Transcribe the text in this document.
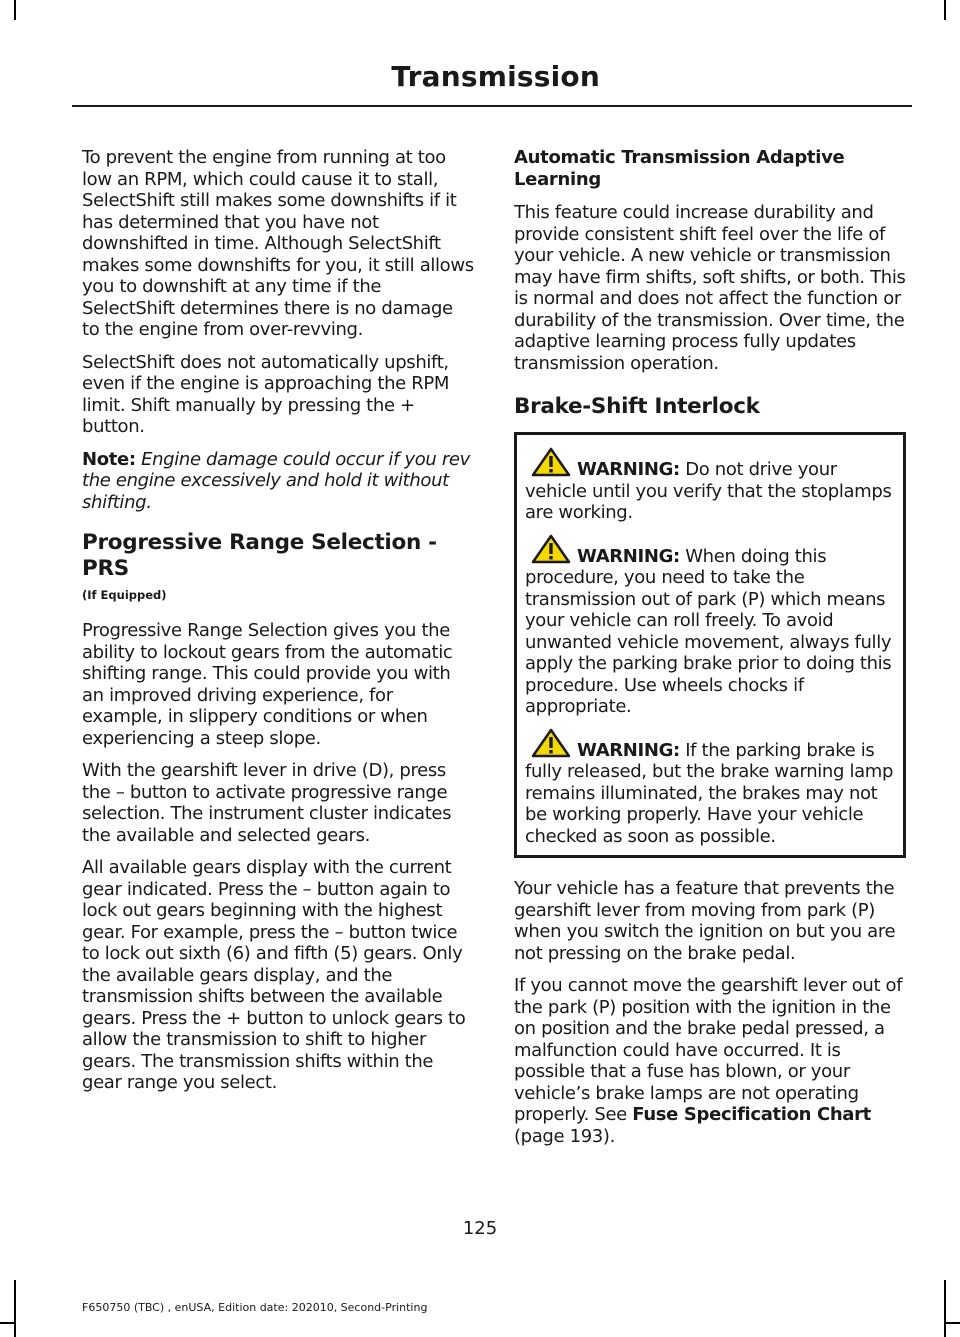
Transmission

To prevent the engine from running at too low an RPM, which could cause it to stall, SelectShift still makes some downshifts if it has determined that you have not downshifted in time. Although SelectShift makes some downshifts for you, it still allows you to downshift at any time if the SelectShift determines there is no damage to the engine from over-revving.

SelectShift does not automatically upshift, even if the engine is approaching the RPM limit. Shift manually by pressing the + button.

Note: Engine damage could occur if you rev the engine excessively and hold it without shifting.

Progressive Range Selection - PRS
(If Equipped)

Progressive Range Selection gives you the ability to lockout gears from the automatic shifting range. This could provide you with an improved driving experience, for example, in slippery conditions or when experiencing a steep slope.

With the gearshift lever in drive (D), press the – button to activate progressive range selection. The instrument cluster indicates the available and selected gears.

All available gears display with the current gear indicated. Press the – button again to lock out gears beginning with the highest gear. For example, press the – button twice to lock out sixth (6) and fifth (5) gears. Only the available gears display, and the transmission shifts between the available gears. Press the + button to unlock gears to allow the transmission to shift to higher gears. The transmission shifts within the gear range you select.

Automatic Transmission Adaptive Learning

This feature could increase durability and provide consistent shift feel over the life of your vehicle. A new vehicle or transmission may have firm shifts, soft shifts, or both. This is normal and does not affect the function or durability of the transmission. Over time, the adaptive learning process fully updates transmission operation.

Brake-Shift Interlock

WARNING: Do not drive your vehicle until you verify that the stoplamps are working.

WARNING: When doing this procedure, you need to take the transmission out of park (P) which means your vehicle can roll freely. To avoid unwanted vehicle movement, always fully apply the parking brake prior to doing this procedure. Use wheels chocks if appropriate.

WARNING: If the parking brake is fully released, but the brake warning lamp remains illuminated, the brakes may not be working properly. Have your vehicle checked as soon as possible.

Your vehicle has a feature that prevents the gearshift lever from moving from park (P) when you switch the ignition on but you are not pressing on the brake pedal.

If you cannot move the gearshift lever out of the park (P) position with the ignition in the on position and the brake pedal pressed, a malfunction could have occurred. It is possible that a fuse has blown, or your vehicle’s brake lamps are not operating properly. See Fuse Specification Chart (page 193).

125
F650750 (TBC) , enUSA, Edition date: 202010, Second-Printing
